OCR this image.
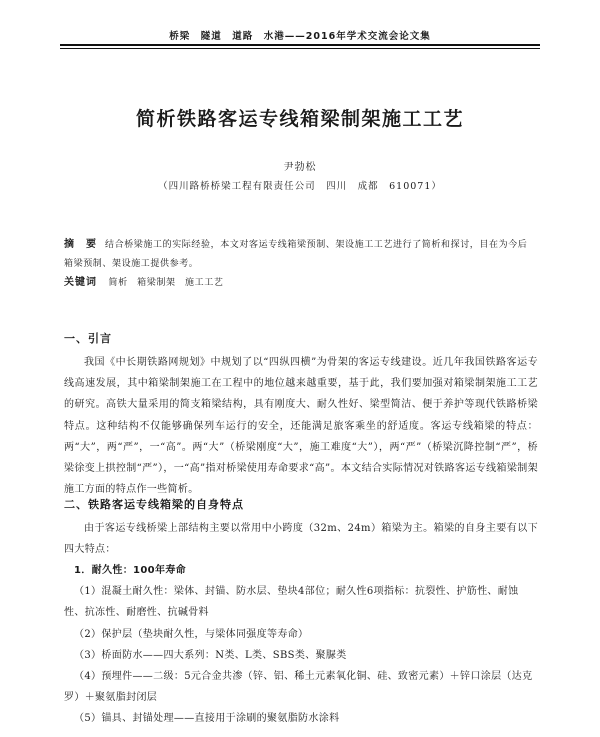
桥梁　隧道　道路　水港——2016年学术交流会论文集
简析铁路客运专线箱梁制架施工工艺
尹勃松
（四川路桥桥梁工程有限责任公司　四川　成都　610071）
摘　要 结合桥梁施工的实际经验，本文对客运专线箱梁预制、架设施工工艺进行了简析和探讨，目在为今后箱梁预制、架设施工提供参考。
关键词 简析 箱梁制架 施工工艺
一、引言
我国《中长期铁路网规划》中规划了以“四纵四横”为骨架的客运专线建设。近几年我国铁路客运专线高速发展，其中箱梁制架施工在工程中的地位越来越重要，基于此，我们要加强对箱梁制架施工工艺的研究。高铁大量采用的简支箱梁结构，具有刚度大、耐久性好、梁型简洁、便于养护等现代铁路桥梁特点。这种结构不仅能够确保列车运行的安全，还能满足旅客乘坐的舒适度。客运专线箱梁的特点：两“大”，两“严”，一“高”。两“大”（桥梁刚度“大”，施工难度“大”），两“严”（桥梁沉降控制“严”，桥梁徐变上拱控制“严”），一“高”指对桥梁使用寿命要求“高”。本文结合实际情况对铁路客运专线箱梁制架施工方面的特点作一些简析。
二、铁路客运专线箱梁的自身特点
由于客运专线桥梁上部结构主要以常用中小跨度（32m、24m）箱梁为主。箱梁的自身主要有以下四大特点：
1．耐久性：100年寿命
（1）混凝土耐久性：梁体、封锚、防水层、垫块4部位；耐久性6项指标：抗裂性、护筋性、耐蚀性、抗冻性、耐磨性、抗碱骨料
（2）保护层（垫块耐久性，与梁体同强度等寿命）
（3）桥面防水——四大系列：N类、L类、SBS类、聚脲类
（4）预埋件——二级：5元合金共渗（锌、铝、稀土元素氧化铜、硅、致密元素）＋锌口涂层（达克罗）＋聚氨脂封闭层
（5）锚具、封锚处理——直接用于涂刷的聚氨脂防水涂料
